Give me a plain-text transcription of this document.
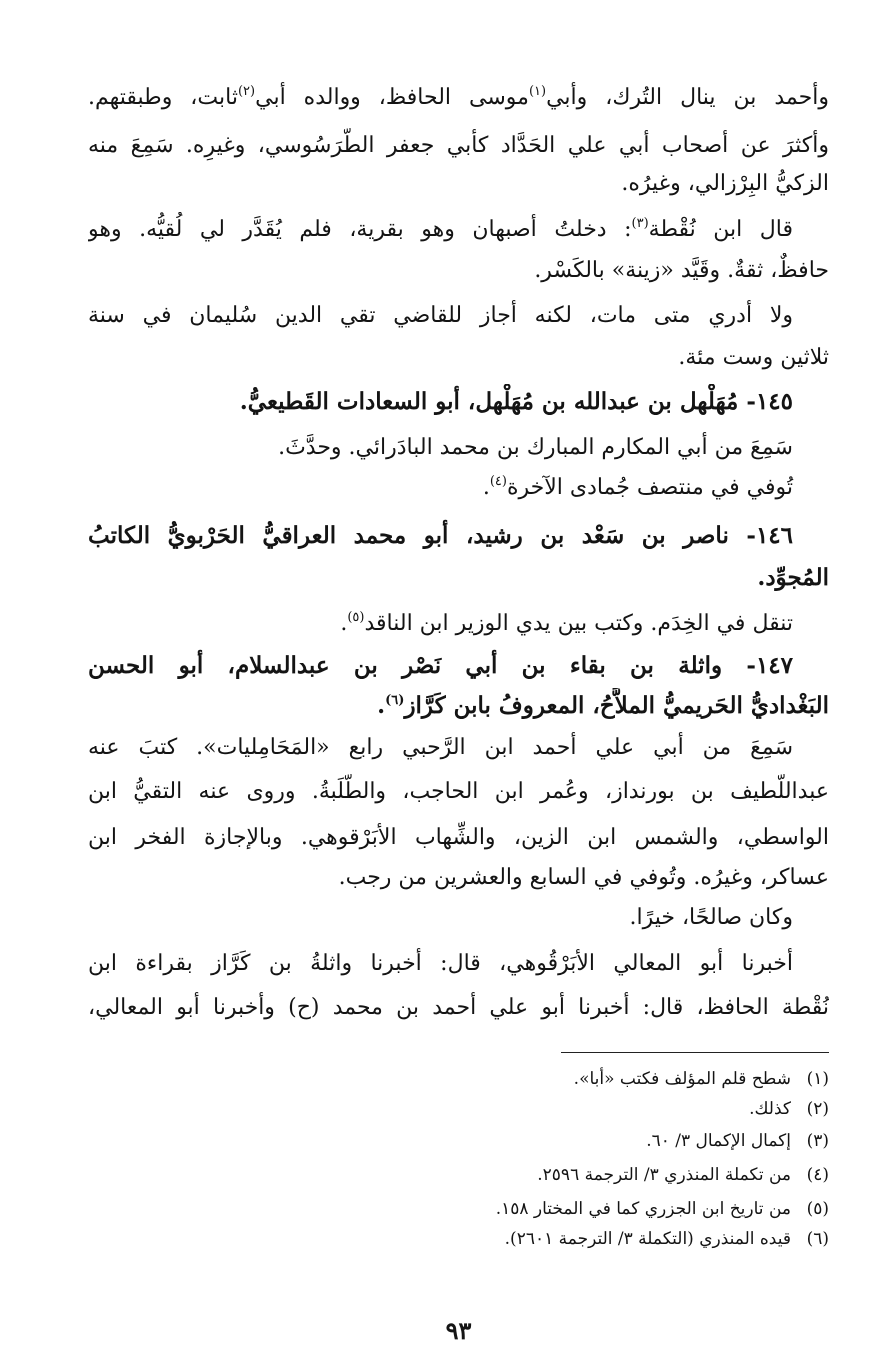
وأحمد بن ينال التُرك، وأبي$^{(١)}$موسى الحافظ، ووالده أبي$^{(٢)}$ثابت، وطبقتهم.
وأكثرَ عن أصحاب أبي علي الحَدَّاد كأبي جعفر الطَّرَسُوسي، وغيرِه. سَمِعَ منه
الزكيُّ البِرْزالي، وغيرُه.
قال ابن نُقْطة$^{(٣)}$: دخلتُ أصبهان وهو بقرية، فلم يُقَدَّر لي لُقيُّه. وهو
حافظٌ، ثقةٌ. وقَيَّد «زينة» بالكَسْر.
ولا أدري متى مات، لكنه أجاز للقاضي تقي الدين سُليمان في سنة
ثلاثين وست مئة.
١٤٥- مُهَلْهل بن عبدالله بن مُهَلْهل، أبو السعادات القَطيعيُّ.
سَمِعَ من أبي المكارم المبارك بن محمد البادَرائي. وحدَّثَ.
تُوفي في منتصف جُمادى الآخرة$^{(٤)}$.
١٤٦- ناصر بن سَعْد بن رشيد، أبو محمد العراقيُّ الحَرْبويُّ الكاتبُ
المُجوِّد.
تنقل في الخِدَم. وكتب بين يدي الوزير ابن الناقد$^{(٥)}$.
١٤٧- واثلة بن بقاء بن أبي نَصْر بن عبدالسلام، أبو الحسن
البَغْداديُّ الحَريميُّ الملاَّحُ، المعروفُ بابن كَرَّاز$^{(٦)}$.
سَمِعَ من أبي علي أحمد ابن الرَّحبي رابع «المَحَامِليات». كتبَ عنه
عبداللَّطيف بن بورنداز، وعُمر ابن الحاجب، والطَّلَبةُ. وروى عنه التقيُّ ابن
الواسطي، والشمس ابن الزين، والشِّهاب الأبَرْقوهي. وبالإجازة الفخر ابن
عساكر، وغيرُه. وتُوفي في السابع والعشرين من رجب.
وكان صالحًا، خيرًا.
أخبرنا أبو المعالي الأبَرْقُوهي، قال: أخبرنا واثلةُ بن كَرَّاز بقراءة ابن
نُقْطة الحافظ، قال: أخبرنا أبو علي أحمد بن محمد (ح) وأخبرنا أبو المعالي،
(١)شطح قلم المؤلف فكتب «أبا».
(٢)كذلك.
(٣)إكمال الإكمال ٣/ ٦٠.
(٤)من تكملة المنذري ٣/ الترجمة ٢٥٩٦.
(٥)من تاريخ ابن الجزري كما في المختار ١٥٨.
(٦)قيده المنذري (التكملة ٣/ الترجمة ٢٦٠١).
٩٣
